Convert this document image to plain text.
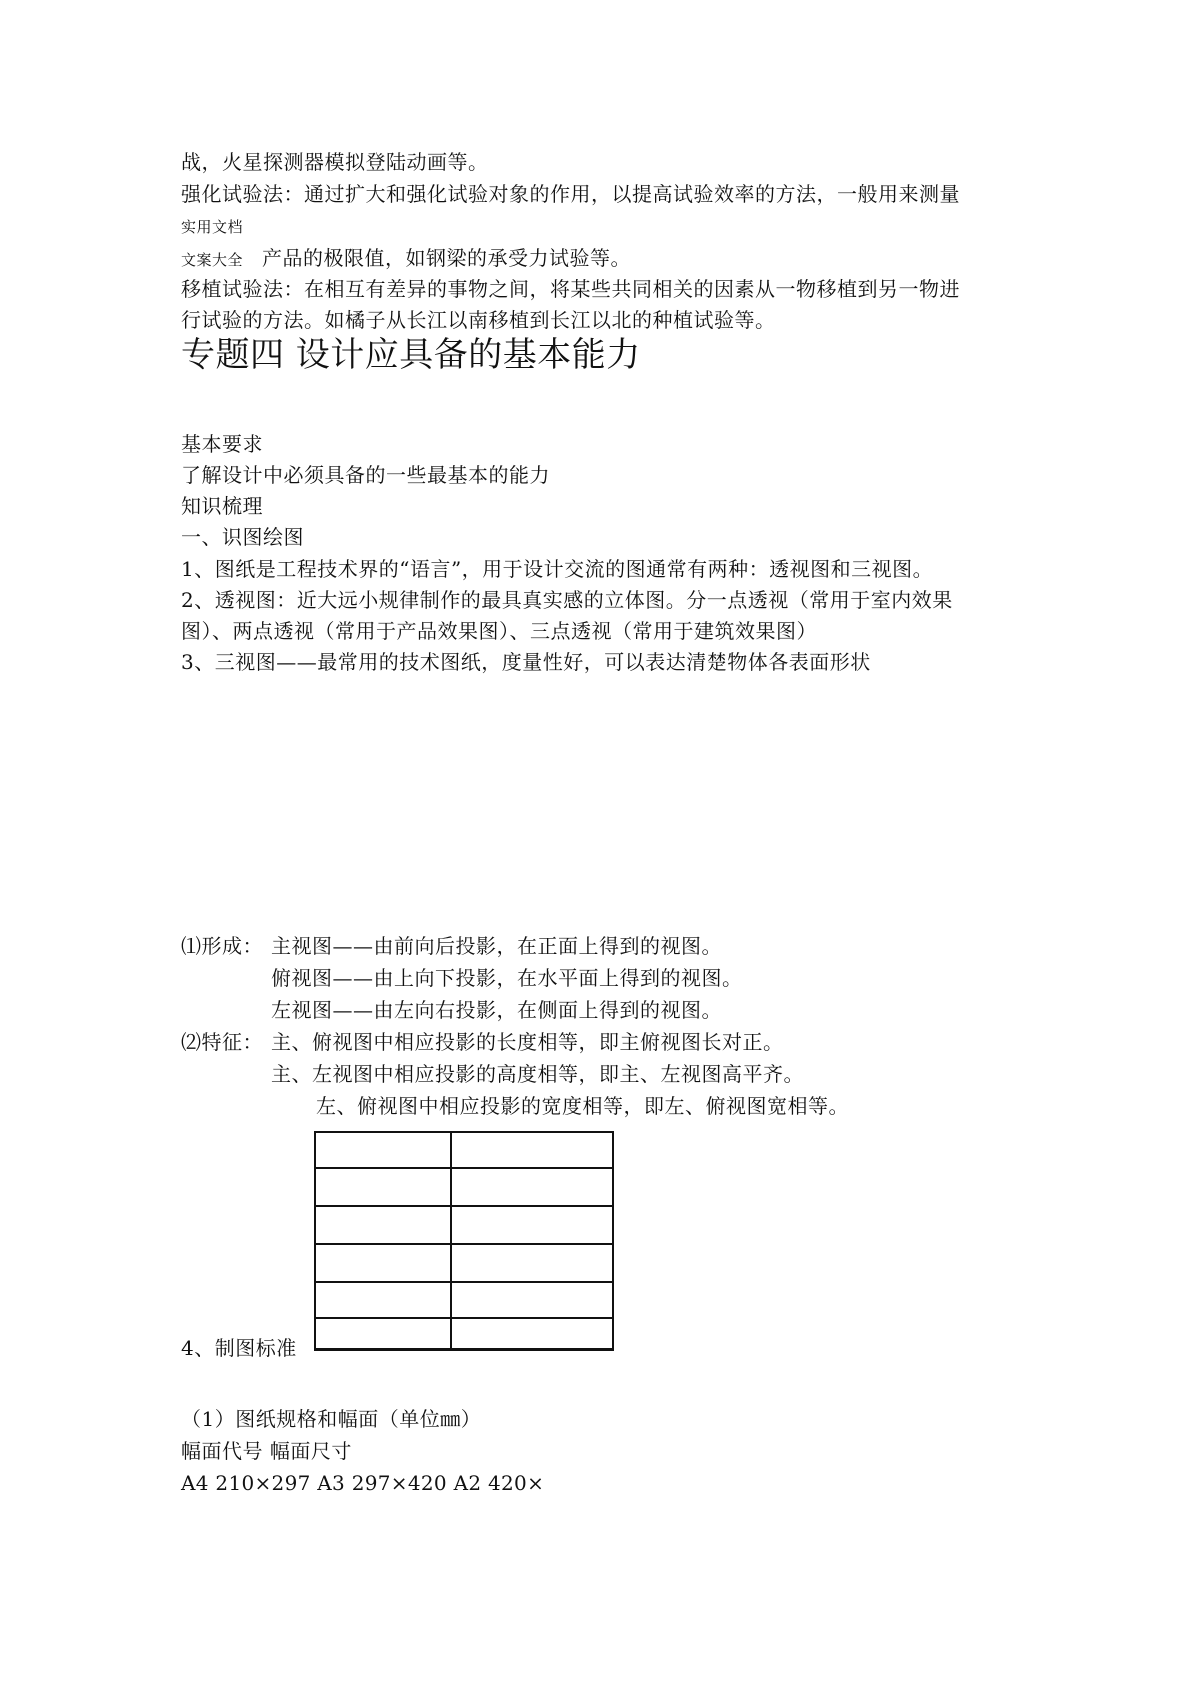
战，火星探测器模拟登陆动画等。
强化试验法：通过扩大和强化试验对象的作用，以提高试验效率的方法，一般用来测量
实用文档
文案大全 产品的极限值，如钢梁的承受力试验等。
移植试验法：在相互有差异的事物之间，将某些共同相关的因素从一物移植到另一物进
行试验的方法。如橘子从长江以南移植到长江以北的种植试验等。
专题四 设计应具备的基本能力
基本要求
了解设计中必须具备的一些最基本的能力
知识梳理
一、识图绘图
1、图纸是工程技术界的“语言”，用于设计交流的图通常有两种：透视图和三视图。
2、透视图：近大远小规律制作的最具真实感的立体图。分一点透视（常用于室内效果
图）、两点透视（常用于产品效果图）、三点透视（常用于建筑效果图）
3、三视图——最常用的技术图纸，度量性好，可以表达清楚物体各表面形状
⑴形成： 主视图——由前向后投影，在正面上得到的视图。
俯视图——由上向下投影，在水平面上得到的视图。
左视图——由左向右投影，在侧面上得到的视图。
⑵特征： 主、俯视图中相应投影的长度相等，即主俯视图长对正。
主、左视图中相应投影的高度相等，即主、左视图高平齐。
左、俯视图中相应投影的宽度相等，即左、俯视图宽相等。
4、制图标准
（1）图纸规格和幅面（单位㎜）
幅面代号 幅面尺寸
A4 210×297 A3 297×420 A2 420×
